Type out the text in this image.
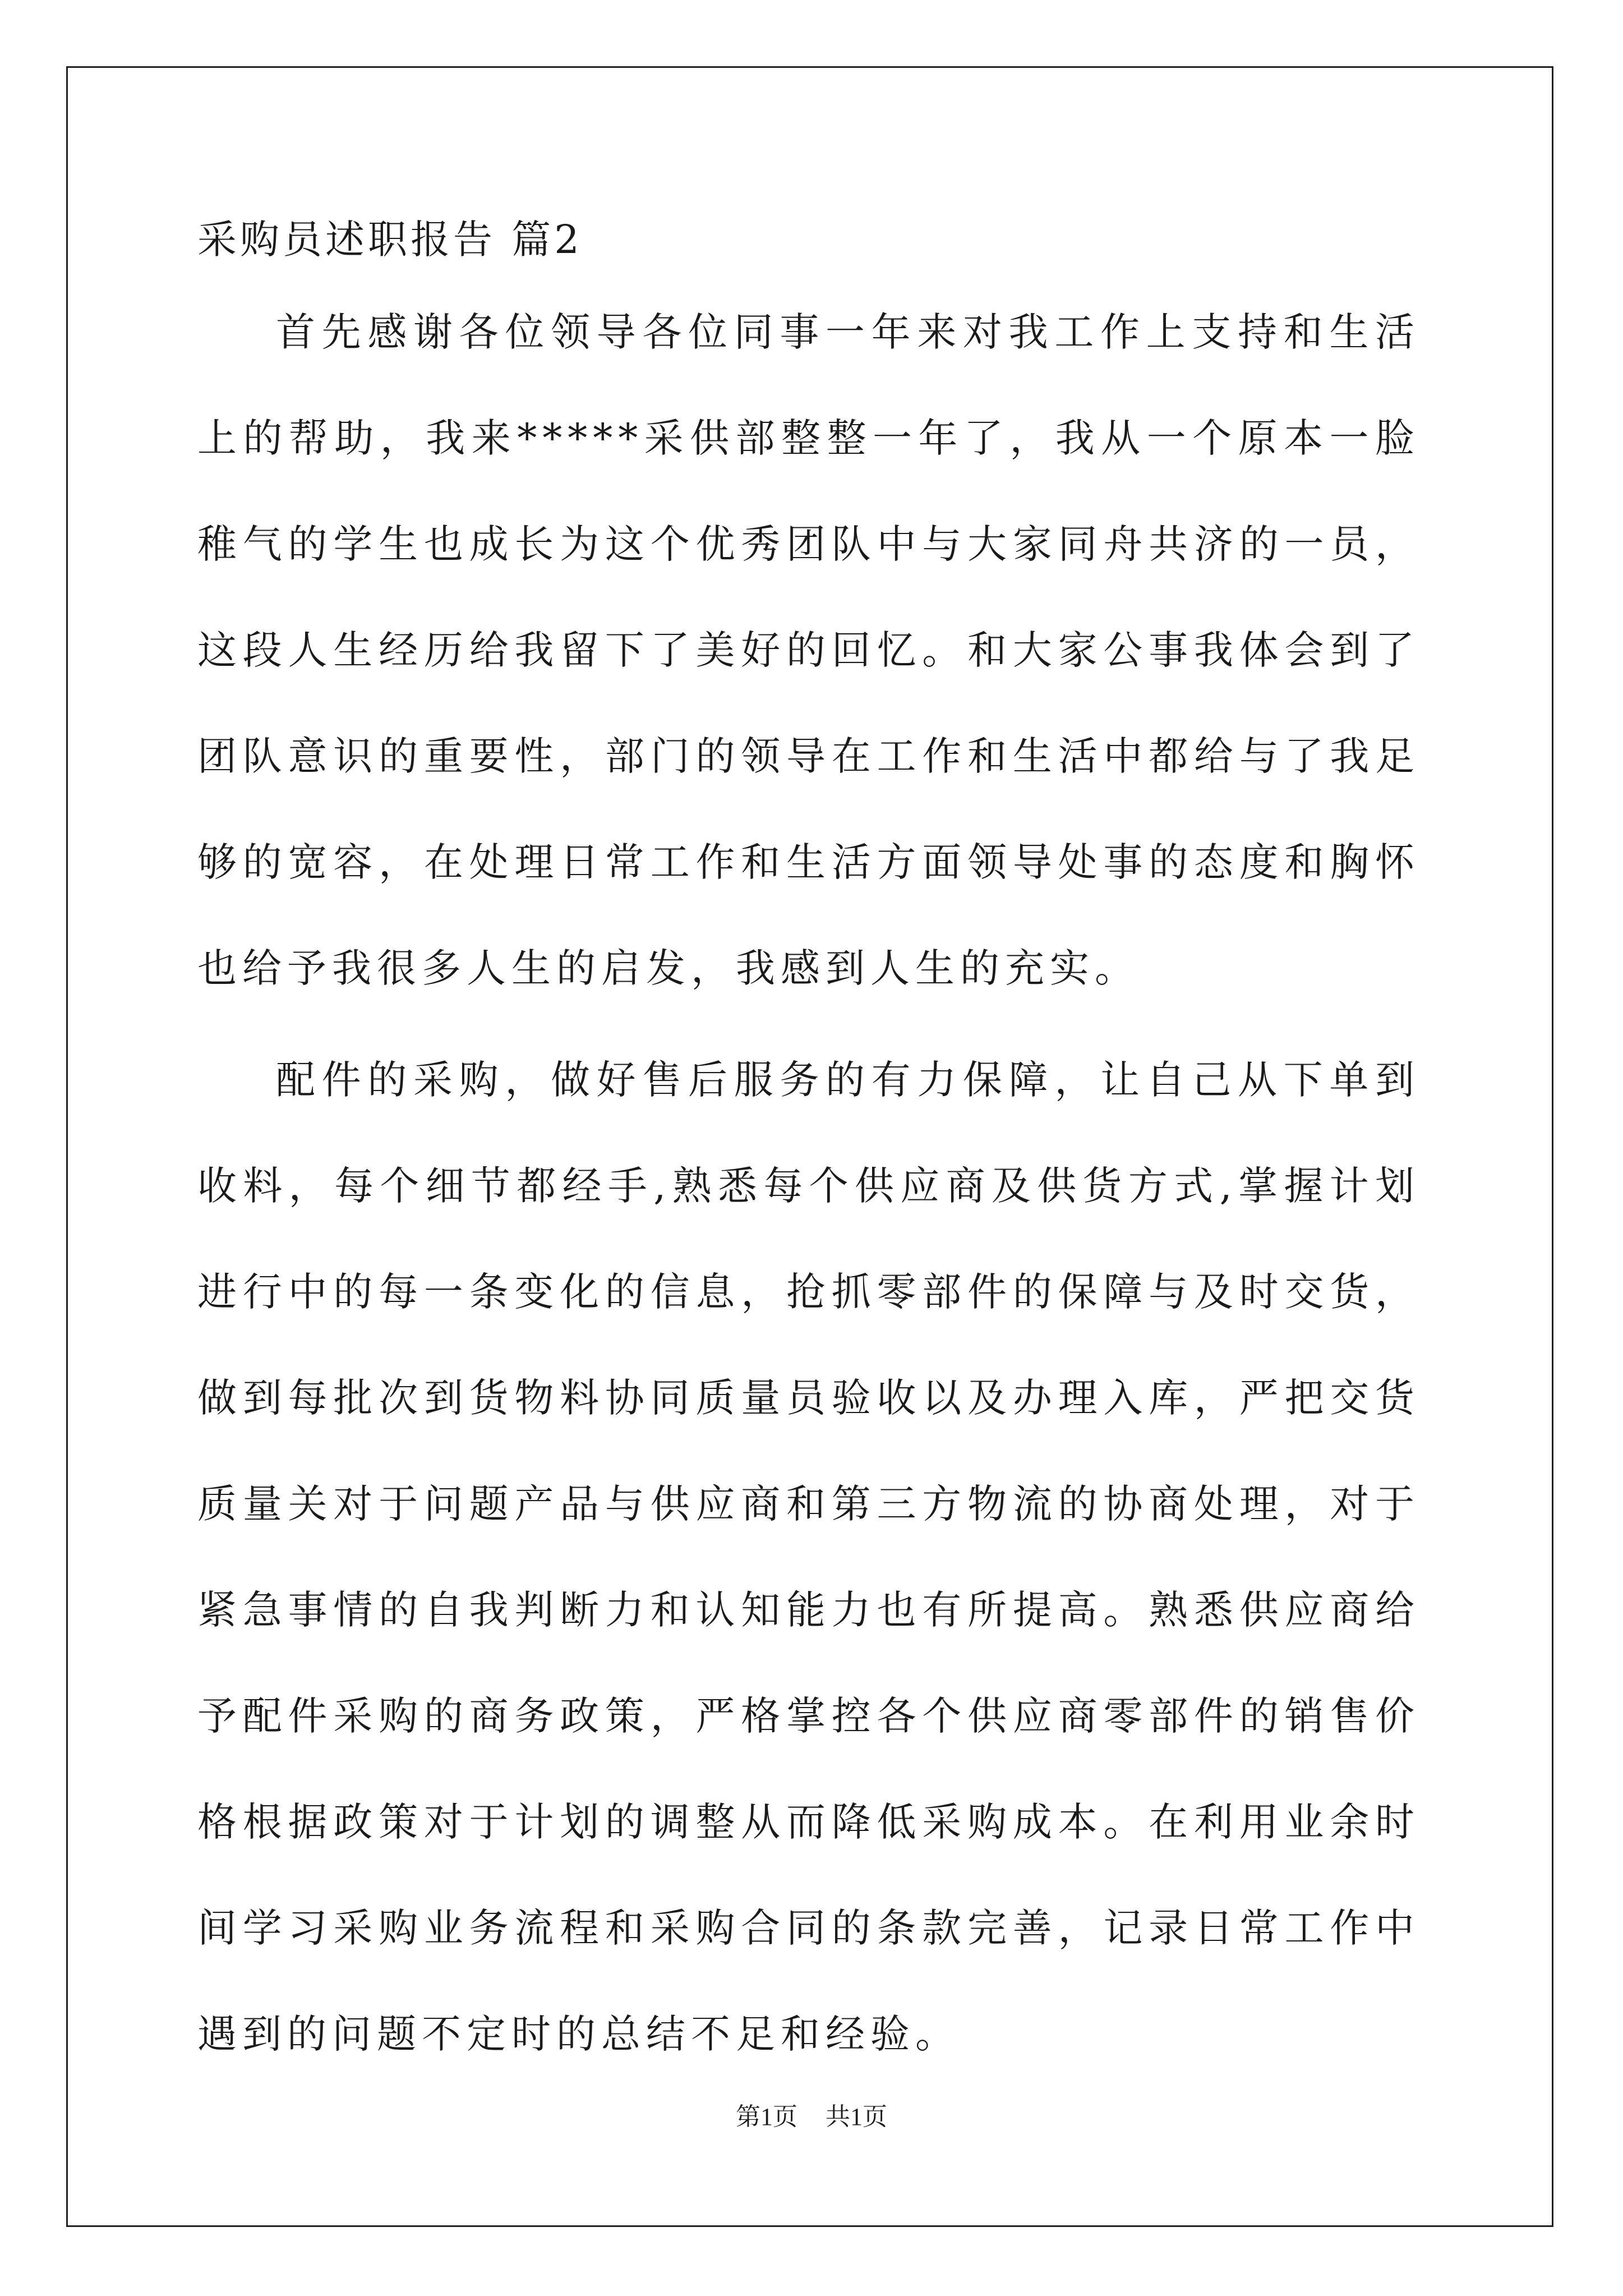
采购员述职报告 篇2

首先感谢各位领导各位同事一年来对我工作上支持和生活上的帮助，我来*****采供部整整一年了，我从一个原本一脸稚气的学生也成长为这个优秀团队中与大家同舟共济的一员，这段人生经历给我留下了美好的回忆。和大家公事我体会到了团队意识的重要性，部门的领导在工作和生活中都给与了我足够的宽容，在处理日常工作和生活方面领导处事的态度和胸怀也给予我很多人生的启发，我感到人生的充实。

配件的采购，做好售后服务的有力保障，让自己从下单到收料，每个细节都经手,熟悉每个供应商及供货方式,掌握计划进行中的每一条变化的信息，抢抓零部件的保障与及时交货，做到每批次到货物料协同质量员验收以及办理入库，严把交货质量关对于问题产品与供应商和第三方物流的协商处理，对于紧急事情的自我判断力和认知能力也有所提高。熟悉供应商给予配件采购的商务政策，严格掌控各个供应商零部件的销售价格根据政策对于计划的调整从而降低采购成本。在利用业余时间学习采购业务流程和采购合同的条款完善，记录日常工作中遇到的问题不定时的总结不足和经验。

第1页 共1页
